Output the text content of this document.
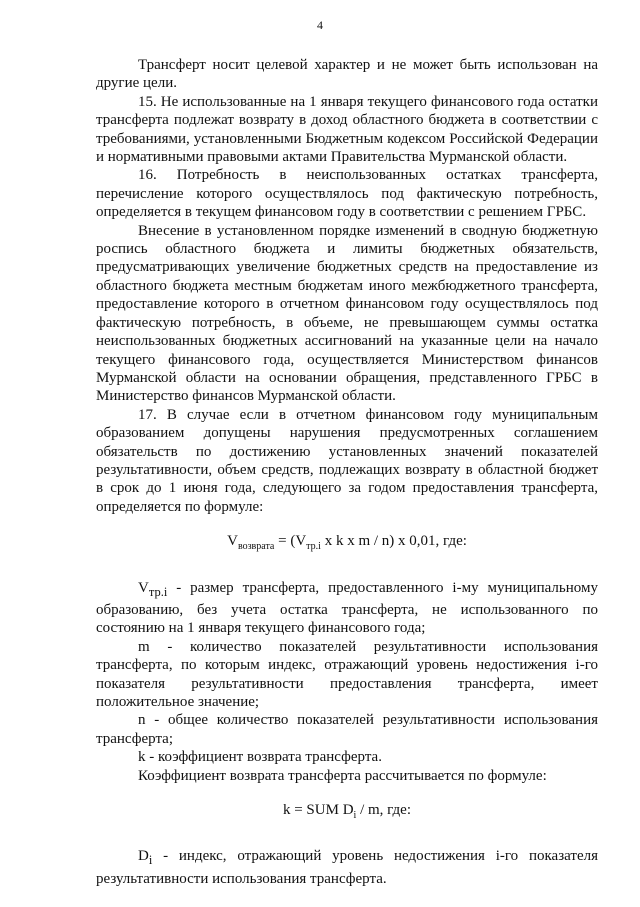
4

Трансферт носит целевой характер и не может быть использован на другие цели.

15. Не использованные на 1 января текущего финансового года остатки трансферта подлежат возврату в доход областного бюджета в соответствии с требованиями, установленными Бюджетным кодексом Российской Федерации и нормативными правовыми актами Правительства Мурманской области.

16. Потребность в неиспользованных остатках трансферта, перечисление которого осуществлялось под фактическую потребность, определяется в текущем финансовом году в соответствии с решением ГРБС.

Внесение в установленном порядке изменений в сводную бюджетную роспись областного бюджета и лимиты бюджетных обязательств, предусматривающих увеличение бюджетных средств на предоставление из областного бюджета местным бюджетам иного межбюджетного трансферта, предоставление которого в отчетном финансовом году осуществлялось под фактическую потребность, в объеме, не превышающем суммы остатка неиспользованных бюджетных ассигнований на указанные цели на начало текущего финансового года, осуществляется Министерством финансов Мурманской области на основании обращения, представленного ГРБС в Министерство финансов Мурманской области.

17. В случае если в отчетном финансовом году муниципальным образованием допущены нарушения предусмотренных соглашением обязательств по достижению установленных значений показателей результативности, объем средств, подлежащих возврату в областной бюджет в срок до 1 июня года, следующего за годом предоставления трансферта, определяется по формуле:

$V_{возврата} = (V_{тр.i}$ x k x m / n) x 0,01, где:

$V_{тр.i}$ - размер трансферта, предоставленного i-му муниципальному образованию, без учета остатка трансферта, не использованного по состоянию на 1 января текущего финансового года;

m - количество показателей результативности использования трансферта, по которым индекс, отражающий уровень недостижения i-го показателя результативности предоставления трансферта, имеет положительное значение;

n - общее количество показателей результативности использования трансферта;

k - коэффициент возврата трансферта.

Коэффициент возврата трансферта рассчитывается по формуле:

k = SUM $D_i$ / m, где:

$D_i$ - индекс, отражающий уровень недостижения i-го показателя результативности использования трансферта.
